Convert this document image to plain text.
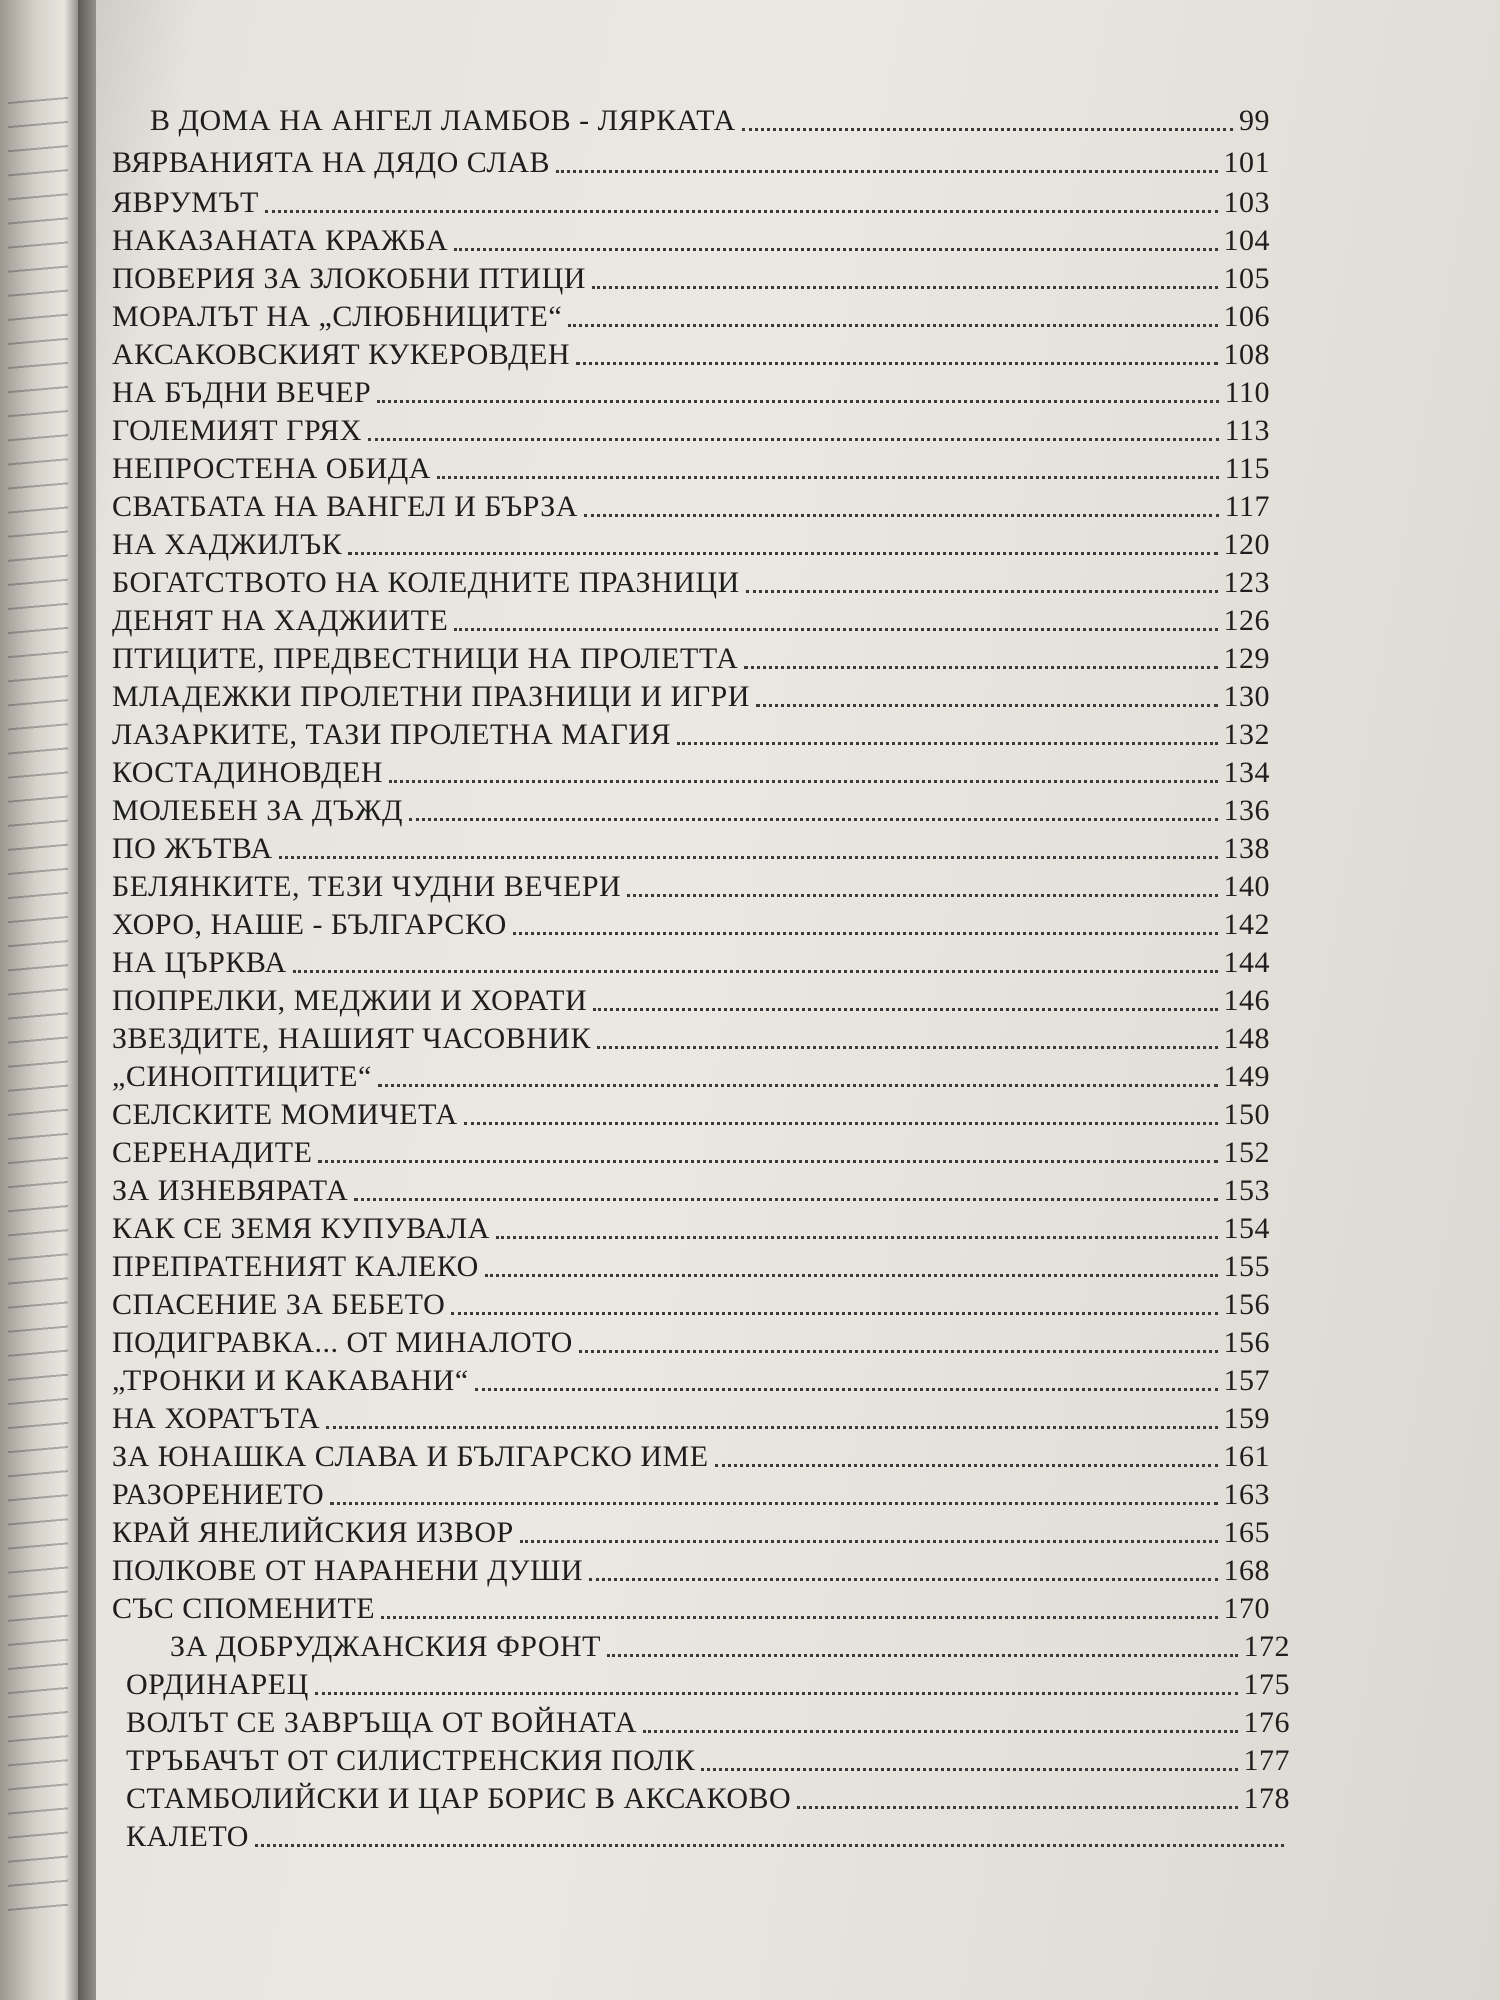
В ДОМА НА АНГЕЛ ЛАМБОВ - ЛЯРКАТА	99
ВЯРВАНИЯТА НА ДЯДО СЛАВ	101
ЯВРУМЪТ	103
НАКАЗАНАТА КРАЖБА	104
ПОВЕРИЯ ЗА ЗЛОКОБНИ ПТИЦИ	105
МОРАЛЪТ НА „СЛЮБНИЦИТЕ“	106
АКСАКОВСКИЯТ КУКЕРОВДЕН	108
НА БЪДНИ ВЕЧЕР	110
ГОЛЕМИЯТ ГРЯХ	113
НЕПРОСТЕНА ОБИДА	115
СВАТБАТА НА ВАНГЕЛ И БЪРЗА	117
НА ХАДЖИЛЪК	120
БОГАТСТВОТО НА КОЛЕДНИТЕ ПРАЗНИЦИ	123
ДЕНЯТ НА ХАДЖИИТЕ	126
ПТИЦИТЕ, ПРЕДВЕСТНИЦИ НА ПРОЛЕТТА	129
МЛАДЕЖКИ ПРОЛЕТНИ ПРАЗНИЦИ И ИГРИ	130
ЛАЗАРКИТЕ, ТАЗИ ПРОЛЕТНА МАГИЯ	132
КОСТАДИНОВДЕН	134
МОЛЕБЕН ЗА ДЪЖД	136
ПО ЖЪТВА	138
БЕЛЯНКИТЕ, ТЕЗИ ЧУДНИ ВЕЧЕРИ	140
ХОРО, НАШЕ - БЪЛГАРСКО	142
НА ЦЪРКВА	144
ПОПРЕЛКИ, МЕДЖИИ И ХОРАТИ	146
ЗВЕЗДИТЕ, НАШИЯТ ЧАСОВНИК	148
„СИНОПТИЦИТЕ“	149
СЕЛСКИТЕ МОМИЧЕТА	150
СЕРЕНАДИТЕ	152
ЗА ИЗНЕВЯРАТА	153
КАК СЕ ЗЕМЯ КУПУВАЛА	154
ПРЕПРАТЕНИЯТ КАЛЕКО	155
СПАСЕНИЕ ЗА БЕБЕТО	156
ПОДИГРАВКА... ОТ МИНАЛОТО	156
„ТРОНКИ И КАКАВАНИ“	157
НА ХОРАТЪТА	159
ЗА ЮНАШКА СЛАВА И БЪЛГАРСКО ИМЕ	161
РАЗОРЕНИЕТО	163
КРАЙ ЯНЕЛИЙСКИЯ ИЗВОР	165
ПОЛКОВЕ ОТ НАРАНЕНИ ДУШИ	168
СЪС СПОМЕНИТЕ	170
ЗА ДОБРУДЖАНСКИЯ ФРОНТ	172
ОРДИНАРЕЦ	175
ВОЛЪТ СЕ ЗАВРЪЩА ОТ ВОЙНАТА	176
ТРЪБАЧЪТ ОТ СИЛИСТРЕНСКИЯ ПОЛК	177
СТАМБОЛИЙСКИ И ЦАР БОРИС В АКСАКОВО	178
КАЛЕТО
